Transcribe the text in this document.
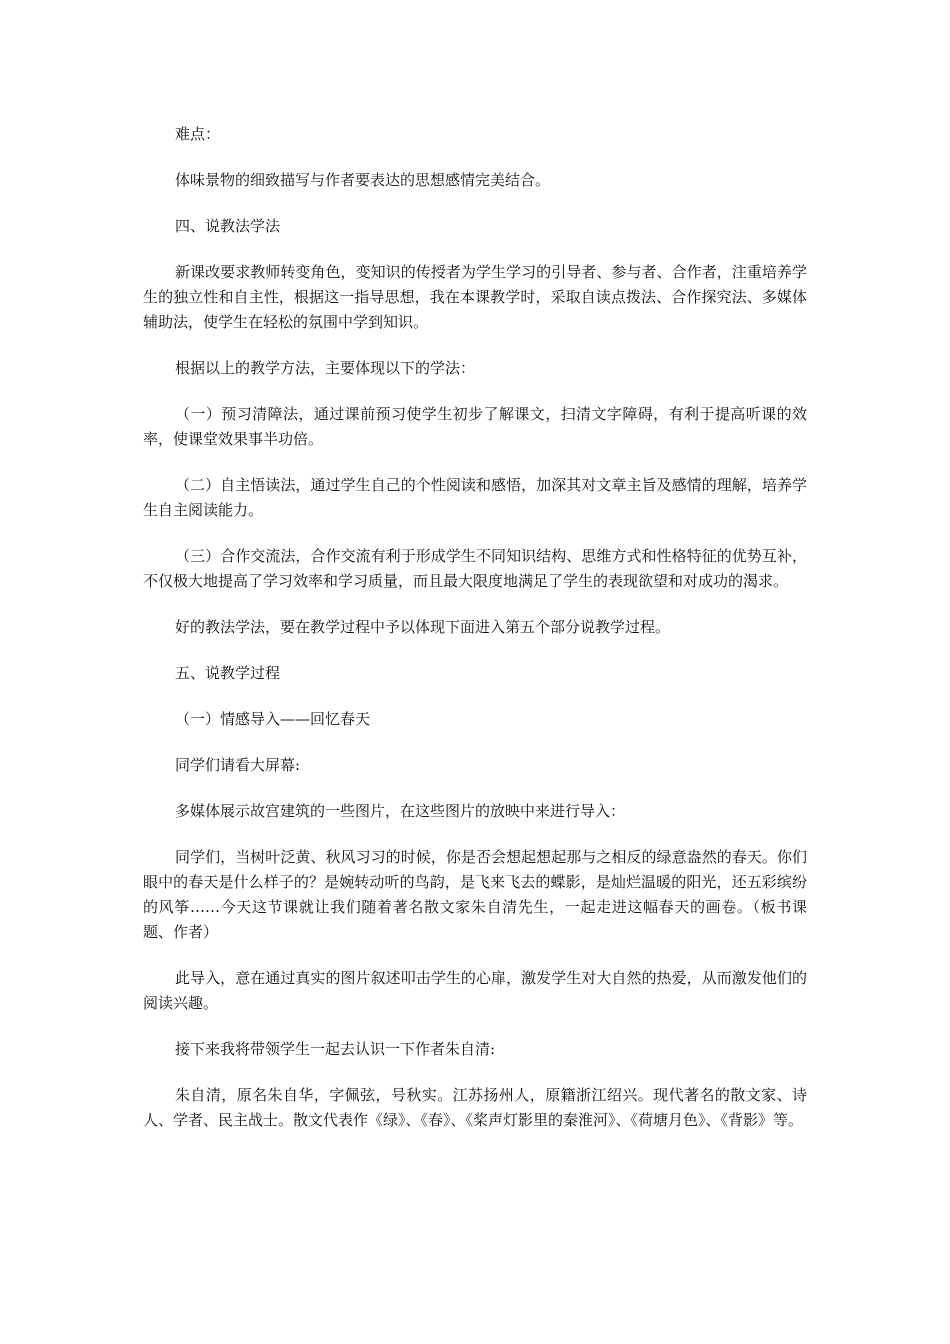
难点：

体味景物的细致描写与作者要表达的思想感情完美结合。

四、说教法学法

新课改要求教师转变角色，变知识的传授者为学生学习的引导者、参与者、合作者，注重培养学生的独立性和自主性，根据这一指导思想，我在本课教学时，采取自读点拨法、合作探究法、多媒体辅助法，使学生在轻松的氛围中学到知识。

根据以上的教学方法，主要体现以下的学法：

（一）预习清障法，通过课前预习使学生初步了解课文，扫清文字障碍，有利于提高听课的效率，使课堂效果事半功倍。

（二）自主悟读法，通过学生自己的个性阅读和感悟，加深其对文章主旨及感情的理解，培养学生自主阅读能力。

（三）合作交流法，合作交流有利于形成学生不同知识结构、思维方式和性格特征的优势互补，不仅极大地提高了学习效率和学习质量，而且最大限度地满足了学生的表现欲望和对成功的渴求。

好的教法学法，要在教学过程中予以体现下面进入第五个部分说教学过程。

五、说教学过程

（一）情感导入——回忆春天

同学们请看大屏幕:

多媒体展示故宫建筑的一些图片，在这些图片的放映中来进行导入：

同学们，当树叶泛黄、秋风习习的时候，你是否会想起想起那与之相反的绿意盎然的春天。你们眼中的春天是什么样子的？是婉转动听的鸟韵，是飞来飞去的蝶影，是灿烂温暖的阳光，还五彩缤纷的风筝……今天这节课就让我们随着著名散文家朱自清先生，一起走进这幅春天的画卷。（板书课题、作者）

此导入，意在通过真实的图片叙述叩击学生的心扉，激发学生对大自然的热爱，从而激发他们的阅读兴趣。

接下来我将带领学生一起去认识一下作者朱自清:

朱自清，原名朱自华，字佩弦，号秋实。江苏扬州人，原籍浙江绍兴。现代著名的散文家、诗人、学者、民主战士。散文代表作《绿》、《春》、《桨声灯影里的秦淮河》、《荷塘月色》、《背影》等。
